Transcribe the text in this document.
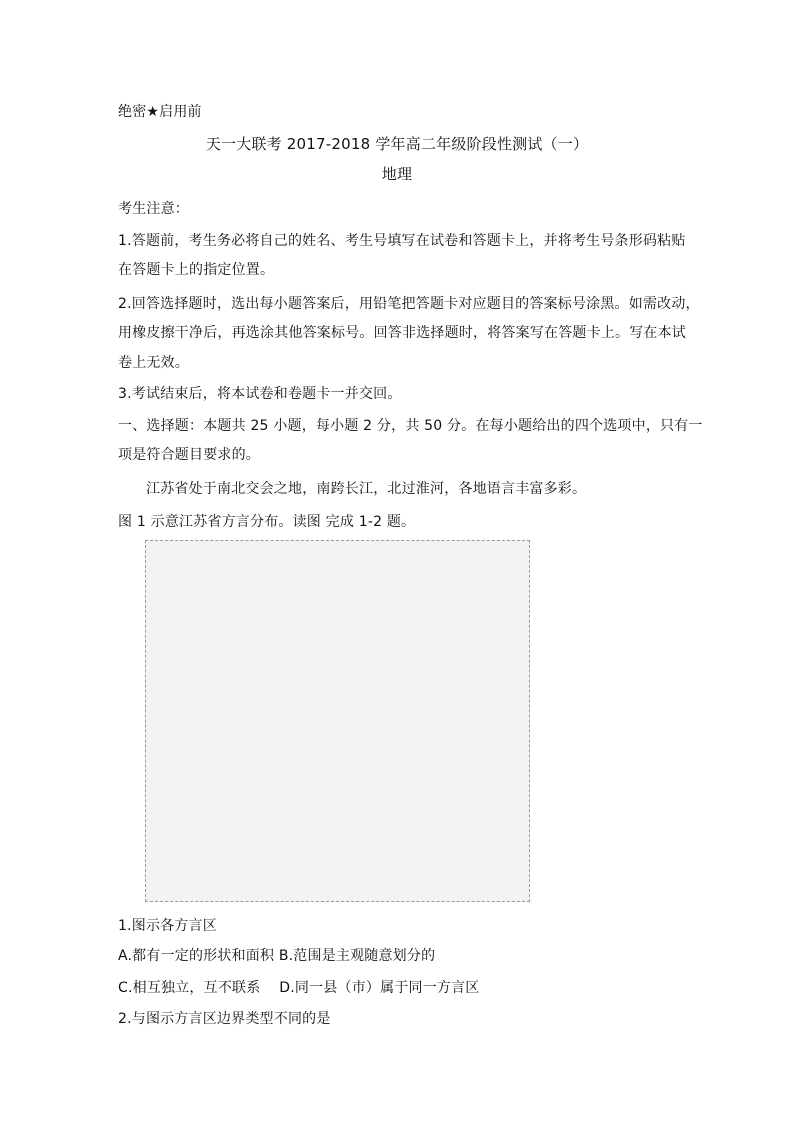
绝密★启用前
天一大联考 2017-2018 学年高二年级阶段性测试（一）
地理
考生注意：
1.答题前，考生务必将自己的姓名、考生号填写在试卷和答题卡上，并将考生号条形码粘贴
在答题卡上的指定位置。
2.回答选择题时，选出每小题答案后，用铅笔把答题卡对应题目的答案标号涂黑。如需改动，
用橡皮擦干净后，再选涂其他答案标号。回答非选择题时，将答案写在答题卡上。写在本试
卷上无效。
3.考试结束后，将本试卷和卷题卡一并交回。
一、选择题：本题共 25 小题，每小题 2 分，共 50 分。在每小题给出的四个选项中，只有一
项是符合题目要求的。
江苏省处于南北交会之地，南跨长江，北过淮河，各地语言丰富多彩。
图 1 示意江苏省方言分布。读图 完成 1-2 题。
1.图示各方言区
A.都有一定的形状和面积 B.范围是主观随意划分的
C.相互独立，互不联系　 D.同一县（市）属于同一方言区
2.与图示方言区边界类型不同的是
